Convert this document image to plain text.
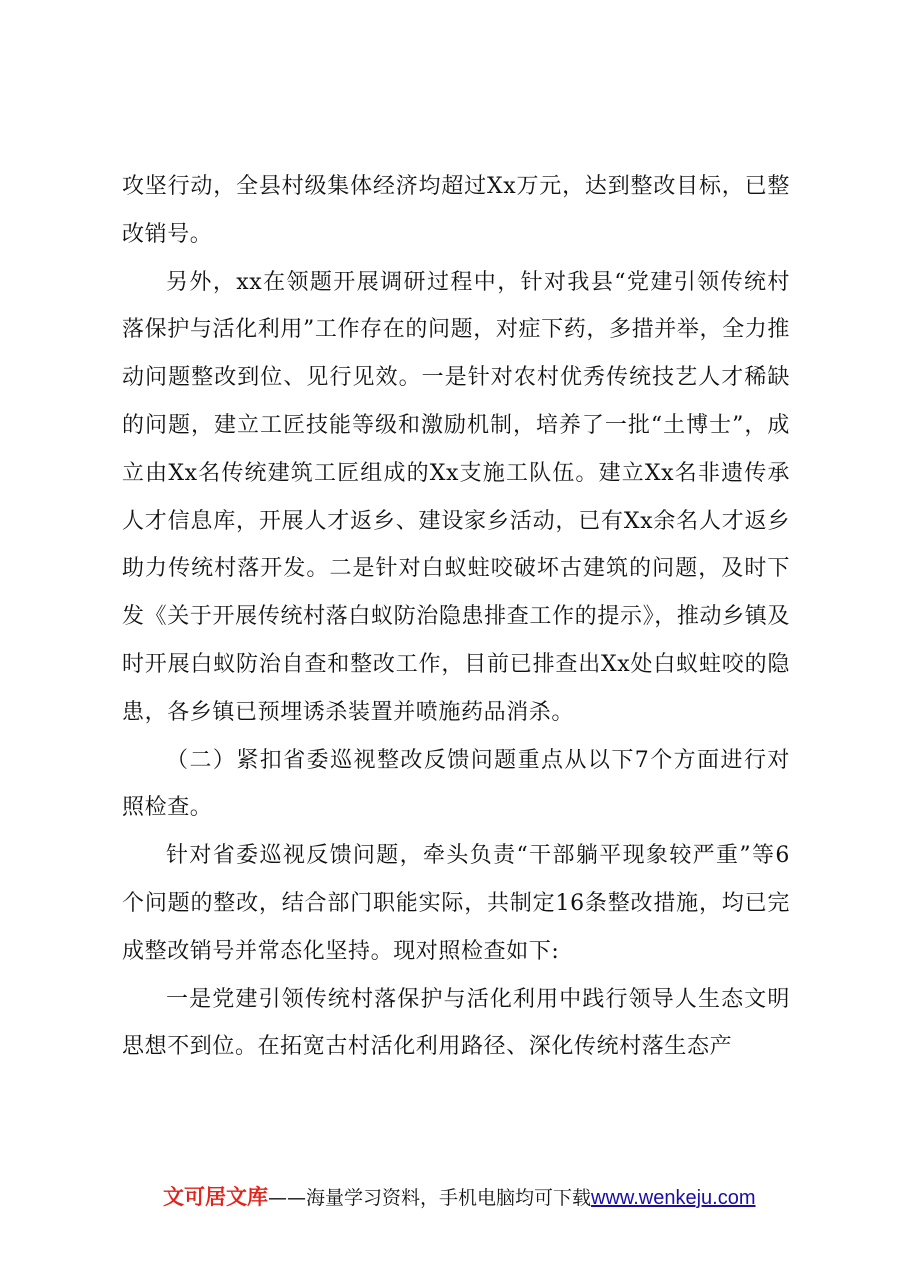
攻坚行动，全县村级集体经济均超过Xx万元，达到整改目标，已整改销号。

另外，xx在领题开展调研过程中，针对我县“党建引领传统村落保护与活化利用”工作存在的问题，对症下药，多措并举，全力推动问题整改到位、见行见效。一是针对农村优秀传统技艺人才稀缺的问题，建立工匠技能等级和激励机制，培养了一批“土博士”，成立由Xx名传统建筑工匠组成的Xx支施工队伍。建立Xx名非遗传承人才信息库，开展人才返乡、建设家乡活动，已有Xx余名人才返乡助力传统村落开发。二是针对白蚁蛀咬破坏古建筑的问题，及时下发《关于开展传统村落白蚁防治隐患排查工作的提示》，推动乡镇及时开展白蚁防治自查和整改工作，目前已排查出Xx处白蚁蛀咬的隐患，各乡镇已预埋诱杀装置并喷施药品消杀。

（二）紧扣省委巡视整改反馈问题重点从以下7个方面进行对照检查。

针对省委巡视反馈问题，牵头负责“干部躺平现象较严重”等6个问题的整改，结合部门职能实际，共制定16条整改措施，均已完成整改销号并常态化坚持。现对照检查如下:

一是党建引领传统村落保护与活化利用中践行领导人生态文明思想不到位。在拓宽古村活化利用路径、深化传统村落生态产

文可居文库——海量学习资料，手机电脑均可下载www.wenkeju.com
